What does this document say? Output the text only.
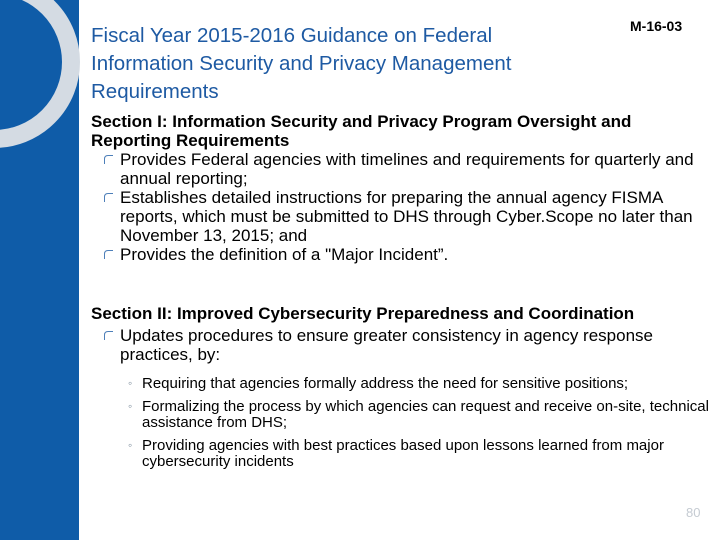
Fiscal Year 2015-2016 Guidance on Federal Information Security and Privacy Management Requirements
M-16-03
Section I: Information Security and Privacy Program Oversight and Reporting Requirements
Provides Federal agencies with timelines and requirements for quarterly and annual reporting;
Establishes detailed instructions for preparing the annual agency FISMA reports, which must be submitted to DHS through Cyber.Scope no later than November 13, 2015; and
Provides the definition of a "Major Incident”.
Section II: Improved Cybersecurity Preparedness and Coordination
Updates procedures to ensure greater consistency in agency response practices, by:
◦ Requiring that agencies formally address the need for sensitive positions;
◦ Formalizing the process by which agencies can request and receive on-site, technical assistance from DHS;
◦ Providing agencies with best practices based upon lessons learned from major cybersecurity incidents
80
